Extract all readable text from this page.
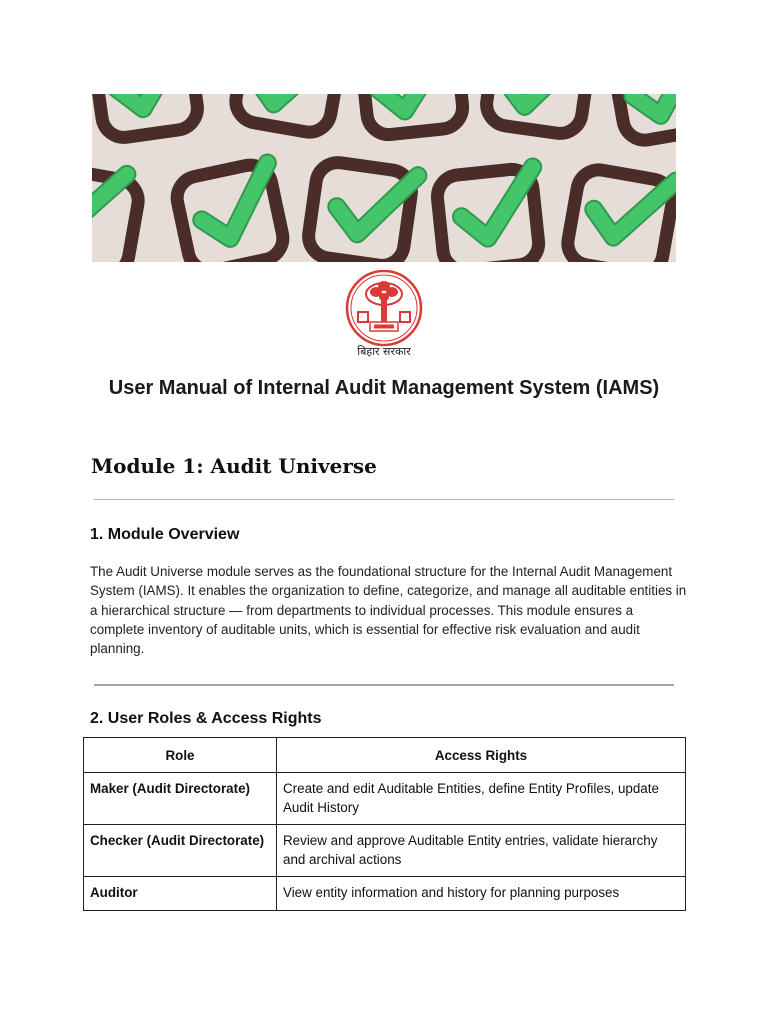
बिहार सरकार
User Manual of Internal Audit Management System (IAMS)
Module 1: Audit Universe
1. Module Overview
The Audit Universe module serves as the foundational structure for the Internal Audit Management System (IAMS). It enables the organization to define, categorize, and manage all auditable entities in a hierarchical structure — from departments to individual processes. This module ensures a complete inventory of auditable units, which is essential for effective risk evaluation and audit planning.
2. User Roles & Access Rights
Role	Access Rights
Maker (Audit Directorate)	Create and edit Auditable Entities, define Entity Profiles, update Audit History
Checker (Audit Directorate)	Review and approve Auditable Entity entries, validate hierarchy and archival actions
Auditor	View entity information and history for planning purposes
